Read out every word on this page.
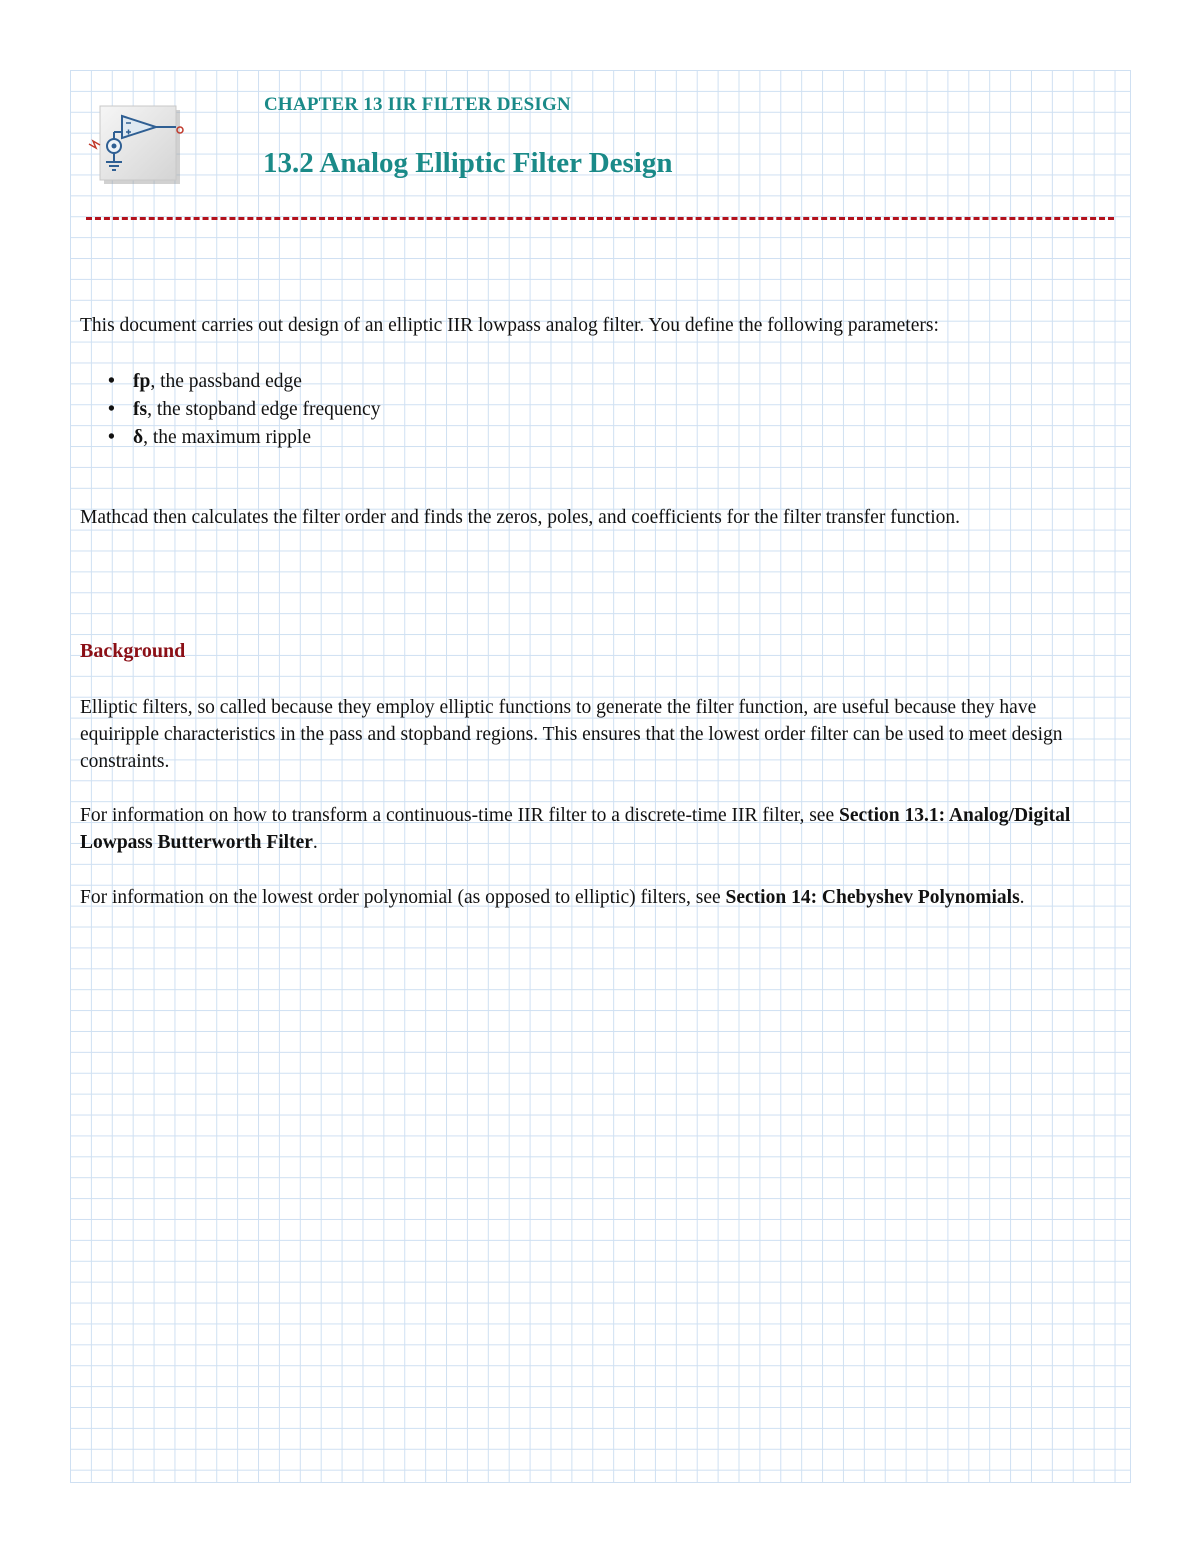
CHAPTER 13 IIR FILTER DESIGN
13.2 Analog Elliptic Filter Design
This document carries out design of an elliptic IIR lowpass analog filter. You define the following parameters:
• fp, the passband edge
• fs, the stopband edge frequency
• δ, the maximum ripple
Mathcad then calculates the filter order and finds the zeros, poles, and coefficients for the filter transfer function.
Background
Elliptic filters, so called because they employ elliptic functions to generate the filter function, are useful because they have equiripple characteristics in the pass and stopband regions. This ensures that the lowest order filter can be used to meet design constraints.
For information on how to transform a continuous-time IIR filter to a discrete-time IIR filter, see Section 13.1: Analog/Digital Lowpass Butterworth Filter.
For information on the lowest order polynomial (as opposed to elliptic) filters, see Section 14: Chebyshev Polynomials.
